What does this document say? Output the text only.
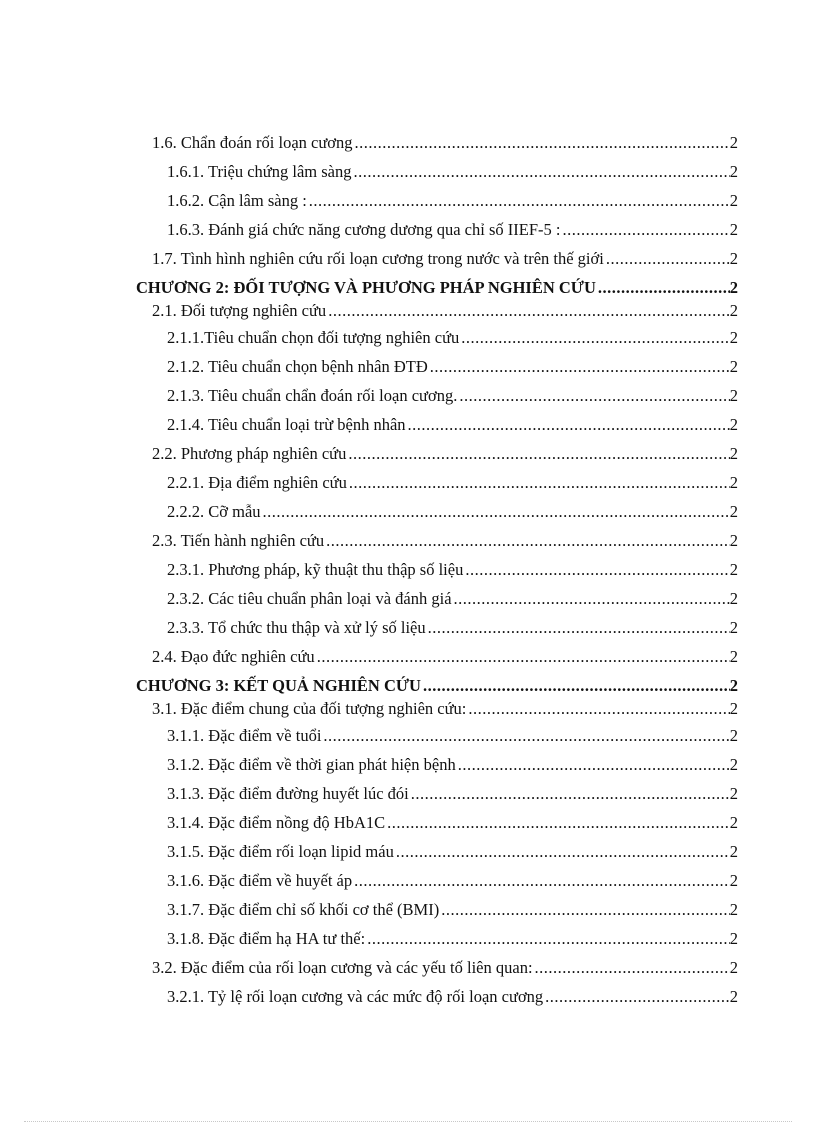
1.6. Chẩn đoán rối loạn cương .....	2
1.6.1. Triệu chứng lâm sàng .....	2
1.6.2. Cận lâm sàng : .....	2
1.6.3. Đánh giá chức năng cương dương qua chỉ số IIEF-5 : .....	2
1.7. Tình hình nghiên cứu rối loạn cương trong nước và trên thế giới .....	2
CHƯƠNG 2: ĐỐI TƯỢNG VÀ PHƯƠNG PHÁP NGHIÊN CỨU .....	2
2.1. Đối tượng nghiên cứu .....	2
2.1.1.Tiêu chuẩn chọn đối tượng nghiên cứu .....	2
2.1.2. Tiêu chuẩn chọn bệnh nhân ĐTĐ .....	2
2.1.3. Tiêu chuẩn chẩn đoán rối loạn cương. .....	2
2.1.4. Tiêu chuẩn loại trừ bệnh nhân .....	2
2.2. Phương pháp nghiên cứu .....	2
2.2.1. Địa điểm nghiên cứu .....	2
2.2.2. Cỡ mẫu .....	2
2.3. Tiến hành nghiên cứu .....	2
2.3.1. Phương pháp, kỹ thuật thu thập số liệu .....	2
2.3.2. Các tiêu chuẩn phân loại và đánh giá .....	2
2.3.3. Tổ chức thu thập và xử lý số liệu .....	2
2.4. Đạo đức nghiên cứu .....	2
CHƯƠNG 3: KẾT QUẢ NGHIÊN CỨU .....	2
3.1. Đặc điểm chung của đối tượng nghiên cứu: .....	2
3.1.1. Đặc điểm về tuổi .....	2
3.1.2. Đặc điểm về thời gian phát hiện bệnh .....	2
3.1.3. Đặc điểm đường huyết lúc đói .....	2
3.1.4. Đặc điểm nồng độ HbA1C .....	2
3.1.5. Đặc điểm rối loạn lipid máu .....	2
3.1.6. Đặc điểm về huyết áp .....	2
3.1.7. Đặc điểm chỉ số khối cơ thể (BMI) .....	2
3.1.8. Đặc điểm hạ HA tư thế: .....	2
3.2. Đặc điểm của rối loạn cương và các yếu tố liên quan: .....	2
3.2.1. Tỷ lệ rối loạn cương và các mức độ rối loạn cương .....	2
